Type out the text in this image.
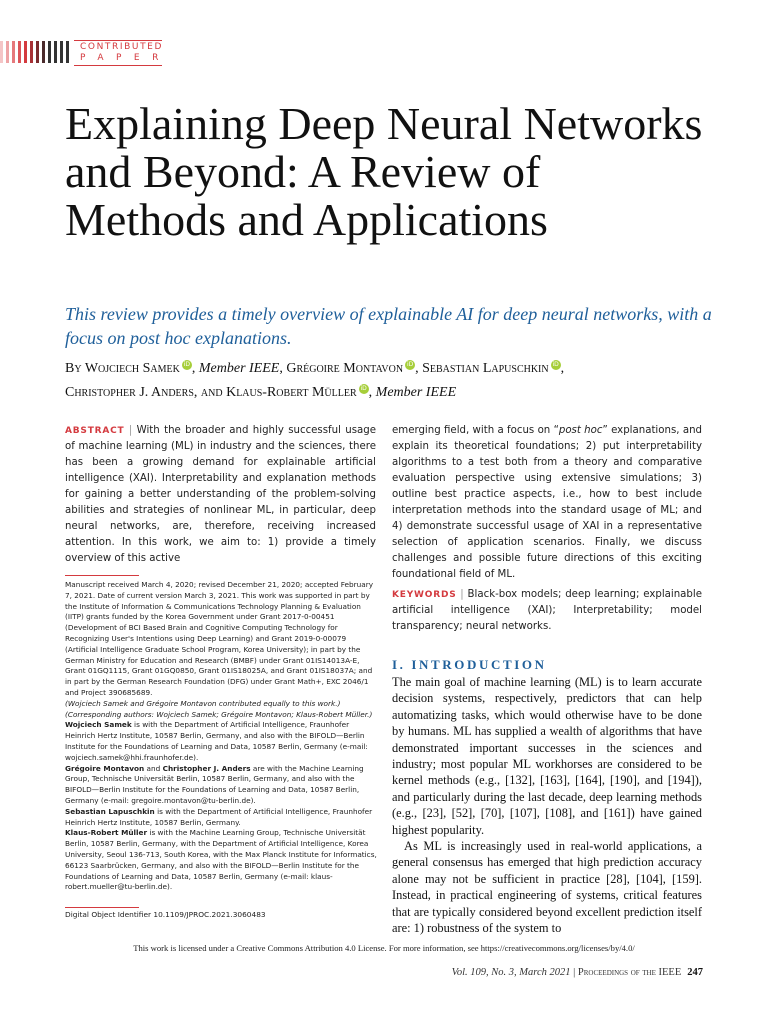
CONTRIBUTED
PAPER
Explaining Deep Neural Networks and Beyond: A Review of Methods and Applications
This review provides a timely overview of explainable AI for deep neural networks, with a focus on post hoc explanations.
By Wojciech Samek iD , Member IEEE, Grégoire Montavon iD , Sebastian Lapuschkin iD ,
Christopher J. Anders, and Klaus-Robert Müller iD , Member IEEE
ABSTRACT | With the broader and highly successful usage of machine learning (ML) in industry and the sciences, there has been a growing demand for explainable artificial intelligence (XAI). Interpretability and explanation methods for gaining a better understanding of the problem-solving abilities and strategies of nonlinear ML, in particular, deep neural networks, are, therefore, receiving increased attention. In this work, we aim to: 1) provide a timely overview of this active
emerging field, with a focus on “post hoc” explanations, and explain its theoretical foundations; 2) put interpretability algorithms to a test both from a theory and comparative evaluation perspective using extensive simulations; 3) outline best practice aspects, i.e., how to best include interpretation methods into the standard usage of ML; and 4) demonstrate successful usage of XAI in a representative selection of application scenarios. Finally, we discuss challenges and possible future directions of this exciting foundational field of ML.
KEYWORDS | Black-box models; deep learning; explainable artificial intelligence (XAI); Interpretability; model transparency; neural networks.

Manuscript received March 4, 2020; revised December 21, 2020; accepted February 7, 2021. Date of current version March 3, 2021. This work was supported in part by the Institute of Information & Communications Technology Planning & Evaluation (IITP) grants funded by the Korea Government under Grant 2017-0-00451 (Development of BCI Based Brain and Cognitive Computing Technology for Recognizing User's Intentions using Deep Learning) and Grant 2019-0-00079 (Artificial Intelligence Graduate School Program, Korea University); in part by the German Ministry for Education and Research (BMBF) under Grant 01IS14013A-E, Grant 01GQ1115, Grant 01GQ0850, Grant 01IS18025A, and Grant 01IS18037A; and in part by the German Research Foundation (DFG) under Grant Math+, EXC 2046/1 and Project 390685689.

(Wojciech Samek and Grégoire Montavon contributed equally to this work.) (Corresponding authors: Wojciech Samek; Grégoire Montavon; Klaus-Robert Müller.)

Wojciech Samek is with the Department of Artificial Intelligence, Fraunhofer Heinrich Hertz Institute, 10587 Berlin, Germany, and also with the BIFOLD—Berlin Institute for the Foundations of Learning and Data, 10587 Berlin, Germany (e-mail: wojciech.samek@hhi.fraunhofer.de).

Grégoire Montavon and Christopher J. Anders are with the Machine Learning Group, Technische Universität Berlin, 10587 Berlin, Germany, and also with the BIFOLD—Berlin Institute for the Foundations of Learning and Data, 10587 Berlin, Germany (e-mail: gregoire.montavon@tu-berlin.de).

Sebastian Lapuschkin is with the Department of Artificial Intelligence, Fraunhofer Heinrich Hertz Institute, 10587 Berlin, Germany.

Klaus-Robert Müller is with the Machine Learning Group, Technische Universität Berlin, 10587 Berlin, Germany, with the Department of Artificial Intelligence, Korea University, Seoul 136-713, South Korea, with the Max Planck Institute for Informatics, 66123 Saarbrücken, Germany, and also with the BIFOLD—Berlin Institute for the Foundations of Learning and Data, 10587 Berlin, Germany (e-mail: klaus-robert.mueller@tu-berlin.de).

Digital Object Identifier 10.1109/JPROC.2021.3060483
I. INTRODUCTION

The main goal of machine learning (ML) is to learn accurate decision systems, respectively, predictors that can help automatizing tasks, which would otherwise have to be done by humans. ML has supplied a wealth of algorithms that have demonstrated important successes in the sciences and industry; most popular ML workhorses are considered to be kernel methods (e.g., [132], [163], [164], [190], and [194]), and particularly during the last decade, deep learning methods (e.g., [23], [52], [70], [107], [108], and [161]) have gained highest popularity.

As ML is increasingly used in real-world applications, a general consensus has emerged that high prediction accuracy alone may not be sufficient in practice [28], [104], [159]. Instead, in practical engineering of systems, critical features that are typically considered beyond excellent prediction itself are: 1) robustness of the system to

This work is licensed under a Creative Commons Attribution 4.0 License. For more information, see https://creativecommons.org/licenses/by/4.0/
Vol. 109, No. 3, March 2021 | Proceedings of the IEEE 247
